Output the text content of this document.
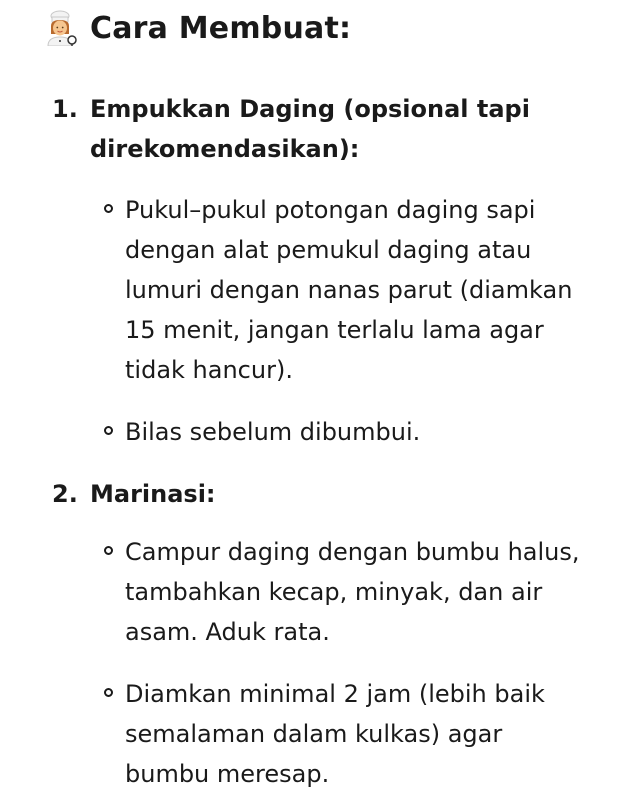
Cara Membuat:
1. Empukkan Daging (opsional tapi
direkomendasikan):
Pukul–pukul potongan daging sapi
dengan alat pemukul daging atau
lumuri dengan nanas parut (diamkan
15 menit, jangan terlalu lama agar
tidak hancur).
Bilas sebelum dibumbui.
2. Marinasi:
Campur daging dengan bumbu halus,
tambahkan kecap, minyak, dan air
asam. Aduk rata.
Diamkan minimal 2 jam (lebih baik
semalaman dalam kulkas) agar
bumbu meresap.
